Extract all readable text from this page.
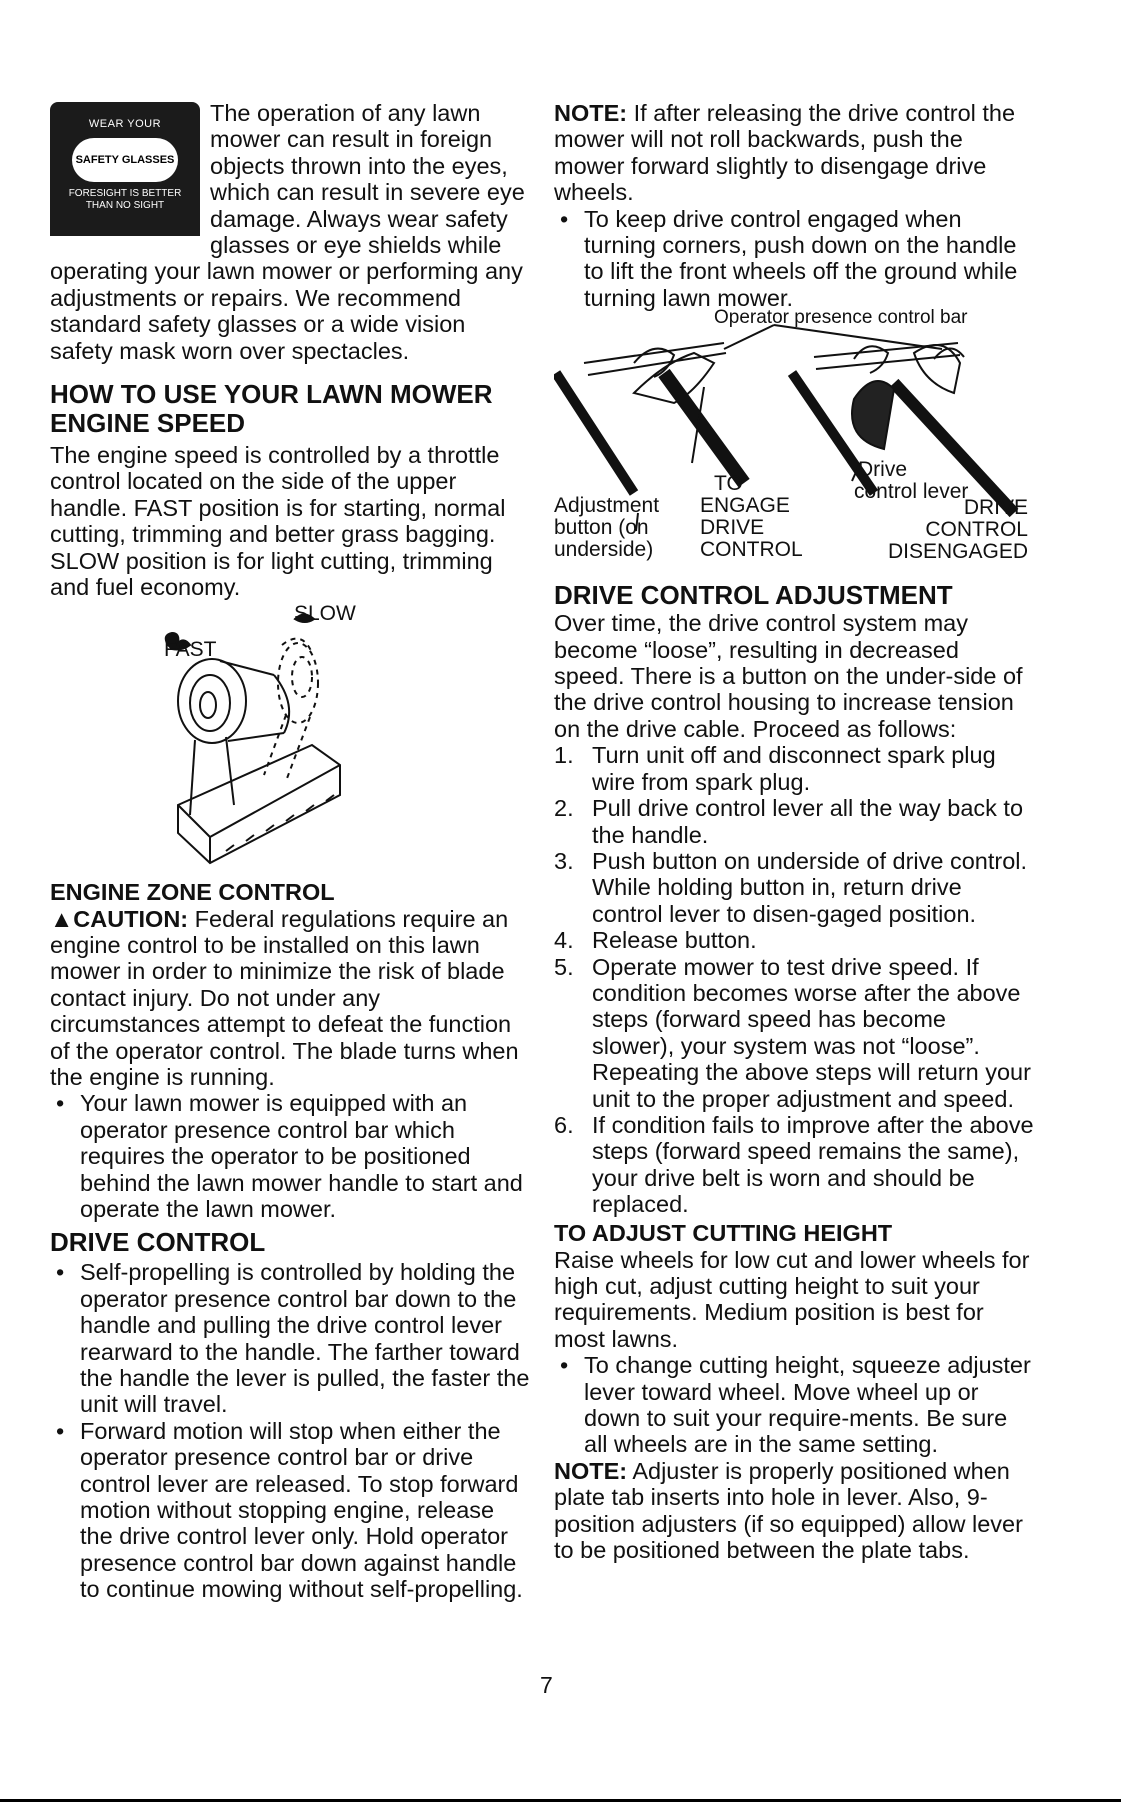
WEAR YOUR
SAFETY GLASSES
FORESIGHT IS BETTER
THAN NO SIGHT

The operation of any lawn mower can result in foreign objects thrown into the eyes, which can result in severe eye damage. Always wear safety glasses or eye shields while operating your lawn mower or performing any adjustments or repairs. We recommend standard safety glasses or a wide vision safety mask worn over spectacles.

HOW TO USE YOUR LAWN MOWER
ENGINE SPEED

The engine speed is controlled by a throttle control located on the side of the upper handle. FAST position is for starting, normal cutting, trimming and better grass bagging. SLOW position is for light cutting, trimming and fuel economy.

FAST
SLOW
ENGINE ZONE CONTROL

▲CAUTION: Federal regulations require an engine control to be installed on this lawn mower in order to minimize the risk of blade contact injury. Do not under any circumstances attempt to defeat the function of the operator control. The blade turns when the engine is running.

• Your lawn mower is equipped with an operator presence control bar which requires the operator to be positioned behind the lawn mower handle to start and operate the lawn mower.
DRIVE CONTROL
• Self-propelling is controlled by holding the operator presence control bar down to the handle and pulling the drive control lever rearward to the handle. The farther toward the handle the lever is pulled, the faster the unit will travel.
• Forward motion will stop when either the operator presence control bar or drive control lever are released. To stop forward motion without stopping engine, release the drive control lever only. Hold operator presence control bar down against handle to continue mowing without self-propelling.

NOTE: If after releasing the drive control the mower will not roll backwards, push the mower forward slightly to disengage drive wheels.

• To keep drive control engaged when turning corners, push down on the handle to lift the front wheels off the ground while turning lawn mower.
Operator presence control bar
Adjustment
button (on
underside)
TO
ENGAGE
DRIVE
CONTROL
Drive
control lever
DRIVE
CONTROL
DISENGAGED
DRIVE CONTROL ADJUSTMENT

Over time, the drive control system may become “loose”, resulting in decreased speed. There is a button on the under-side of the drive control housing to increase tension on the drive cable. Proceed as follows:

1. Turn unit off and disconnect spark plug wire from spark plug.
2. Pull drive control lever all the way back to the handle.
3. Push button on underside of drive control. While holding button in, return drive control lever to disen-gaged position.
4. Release button.
5. Operate mower to test drive speed. If condition becomes worse after the above steps (forward speed has become slower), your system was not “loose”. Repeating the above steps will return your unit to the proper adjustment and speed.
6. If condition fails to improve after the above steps (forward speed remains the same), your drive belt is worn and should be replaced.
TO ADJUST CUTTING HEIGHT

Raise wheels for low cut and lower wheels for high cut, adjust cutting height to suit your requirements. Medium position is best for most lawns.

• To change cutting height, squeeze adjuster lever toward wheel. Move wheel up or down to suit your require-ments. Be sure all wheels are in the same setting.

NOTE: Adjuster is properly positioned when plate tab inserts into hole in lever. Also, 9-position adjusters (if so equipped) allow lever to be positioned between the plate tabs.

7
